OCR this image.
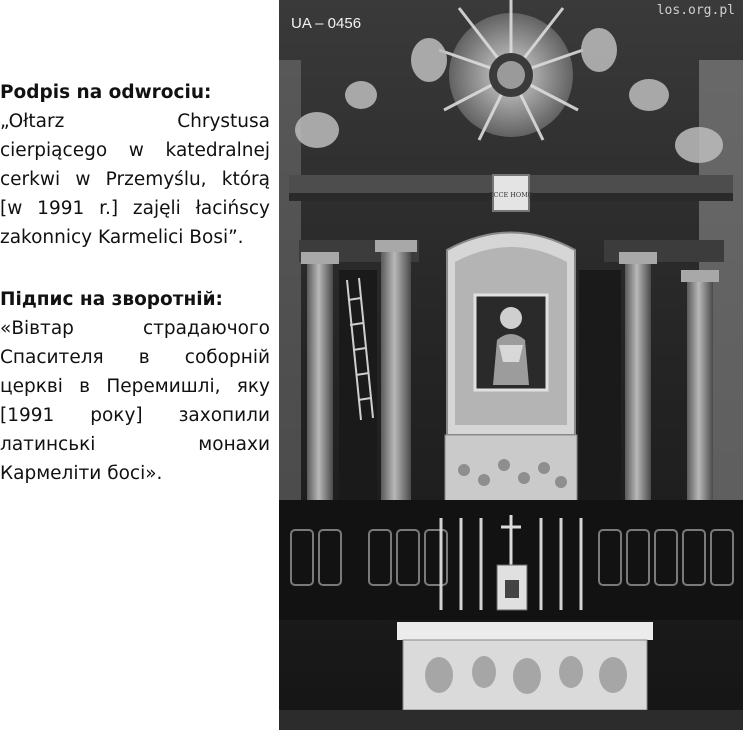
Podpis na odwrociu:

„Ołtarz Chrystusa cierpiącego w katedralnej cerkwi w Przemyślu, którą [w 1991 r.] zajęli łacińscy zakonnicy Karmelici Bosi”.

Підпис на зворотній:

«Вівтар страдаючого Спасителя в соборній церкві в Перемишлі, яку [1991 року] захопили латинські монахи Кармеліти босі».

ECCE HOMO
UA – 0456
los.org.pl
